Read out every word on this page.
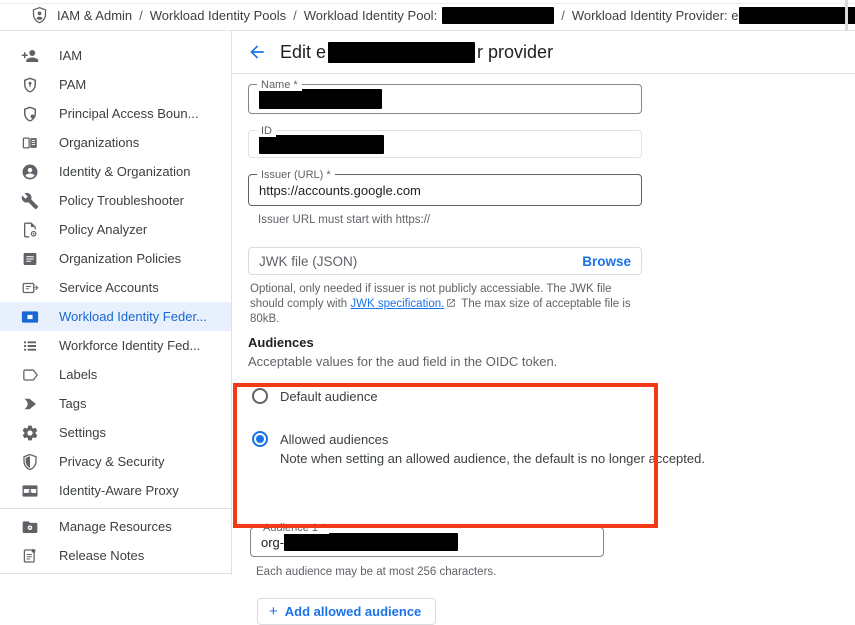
IAM & Admin / Workload Identity Pools / Workload Identity Pool:	/ Workload Identity Provider: e
IAM
PAM
Principal Access Boun...
Organizations
Identity & Organization
Policy Troubleshooter
Policy Analyzer
Organization Policies
Service Accounts
Workload Identity Feder...
Workforce Identity Fed...
Labels
Tags
Settings
Privacy & Security
Identity-Aware Proxy
Manage Resources
Release Notes
Edit e	r provider
Name *
ID
Issuer (URL) *
https://accounts.google.com
Issuer URL must start with https://
JWK file (JSON)	Browse
Optional, only needed if issuer is not publicly accessiable. The JWK file should comply with JWK specification.
The max size of acceptable file is 80kB.
Audiences
Acceptable values for the aud field in the OIDC token.
Default audience
Allowed audiences
Note when setting an allowed audience, the default is no longer accepted.
Audience 1 *
org-
Each audience may be at most 256 characters.
+ Add allowed audience
